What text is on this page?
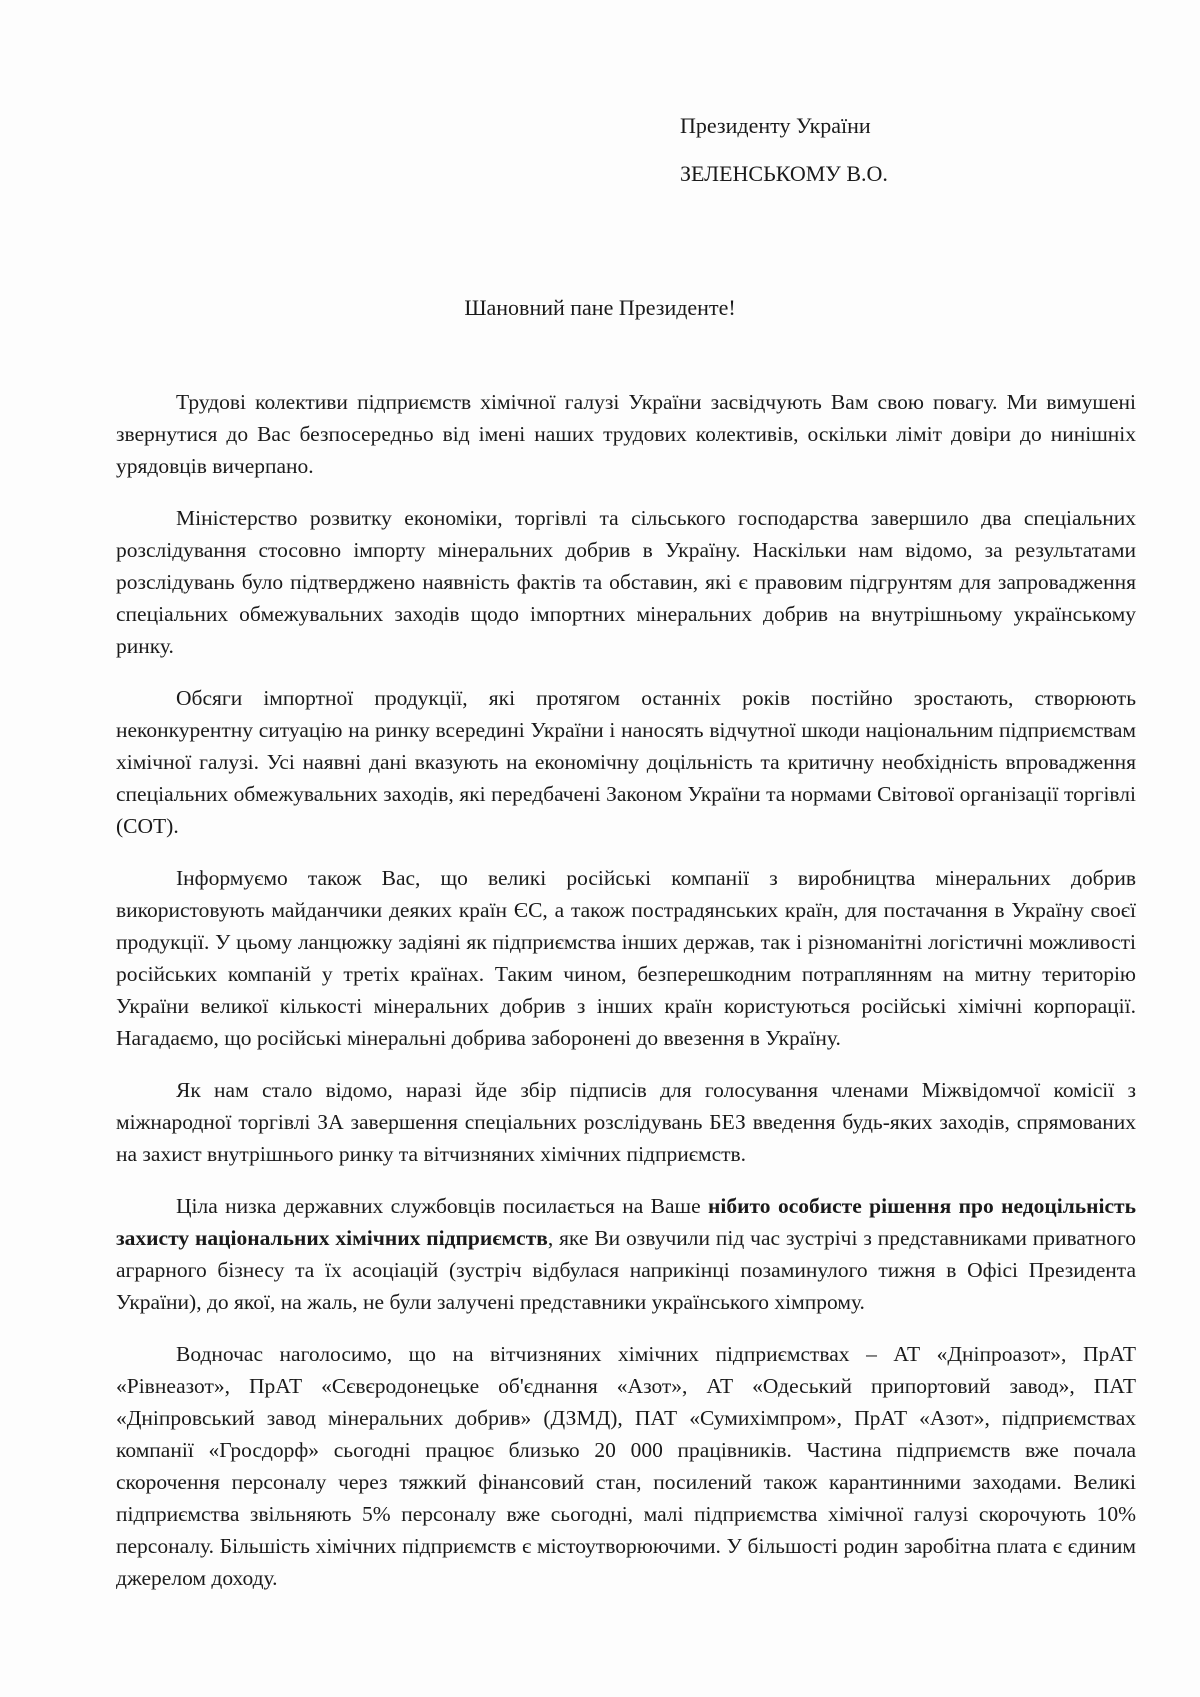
Президенту України
ЗЕЛЕНСЬКОМУ В.О.
Шановний пане Президенте!

Трудові колективи підприємств хімічної галузі України засвідчують Вам свою повагу. Ми вимушені звернутися до Вас безпосередньо від імені наших трудових колективів, оскільки ліміт довіри до нинішніх урядовців вичерпано.

Міністерство розвитку економіки, торгівлі та сільського господарства завершило два спеціальних розслідування стосовно імпорту мінеральних добрив в Україну. Наскільки нам відомо, за результатами розслідувань було підтверджено наявність фактів та обставин, які є правовим підгрунтям для запровадження спеціальних обмежувальних заходів щодо імпортних мінеральних добрив на внутрішньому українському ринку.

Обсяги імпортної продукції, які протягом останніх років постійно зростають, створюють неконкурентну ситуацію на ринку всередині України і наносять відчутної шкоди національним підприємствам хімічної галузі. Усі наявні дані вказують на економічну доцільність та критичну необхідність впровадження спеціальних обмежувальних заходів, які передбачені Законом України та нормами Світової організації торгівлі (СОТ).

Інформуємо також Вас, що великі російські компанії з виробництва мінеральних добрив використовують майданчики деяких країн ЄС, а також пострадянських країн, для постачання в Україну своєї продукції. У цьому ланцюжку задіяні як підприємства інших держав, так і різноманітні логістичні можливості російських компаній у третіх країнах. Таким чином, безперешкодним потраплянням на митну територію України великої кількості мінеральних добрив з інших країн користуються російські хімічні корпорації. Нагадаємо, що російські мінеральні добрива заборонені до ввезення в Україну.

Як нам стало відомо, наразі йде збір підписів для голосування членами Міжвідомчої комісії з міжнародної торгівлі ЗА завершення спеціальних розслідувань БЕЗ введення будь-яких заходів, спрямованих на захист внутрішнього ринку та вітчизняних хімічних підприємств.

Ціла низка державних службовців посилається на Ваше нібито особисте рішення про недоцільність захисту національних хімічних підприємств, яке Ви озвучили під час зустрічі з представниками приватного аграрного бізнесу та їх асоціацій (зустріч відбулася наприкінці позаминулого тижня в Офісі Президента України), до якої, на жаль, не були залучені представники українського хімпрому.

Водночас наголосимо, що на вітчизняних хімічних підприємствах – АТ «Дніпроазот», ПрАТ «Рівнеазот», ПрАТ «Сєвєродонецьке об'єднання «Азот», АТ «Одеський припортовий завод», ПАТ «Дніпровський завод мінеральних добрив» (ДЗМД), ПАТ «Сумихімпром», ПрАТ «Азот», підприємствах компанії «Гросдорф» сьогодні працює близько 20 000 працівників. Частина підприємств вже почала скорочення персоналу через тяжкий фінансовий стан, посилений також карантинними заходами. Великі підприємства звільняють 5% персоналу вже сьогодні, малі підприємства хімічної галузі скорочують 10% персоналу. Більшість хімічних підприємств є містоутворюючими. У більшості родин заробітна плата є єдиним джерелом доходу.
